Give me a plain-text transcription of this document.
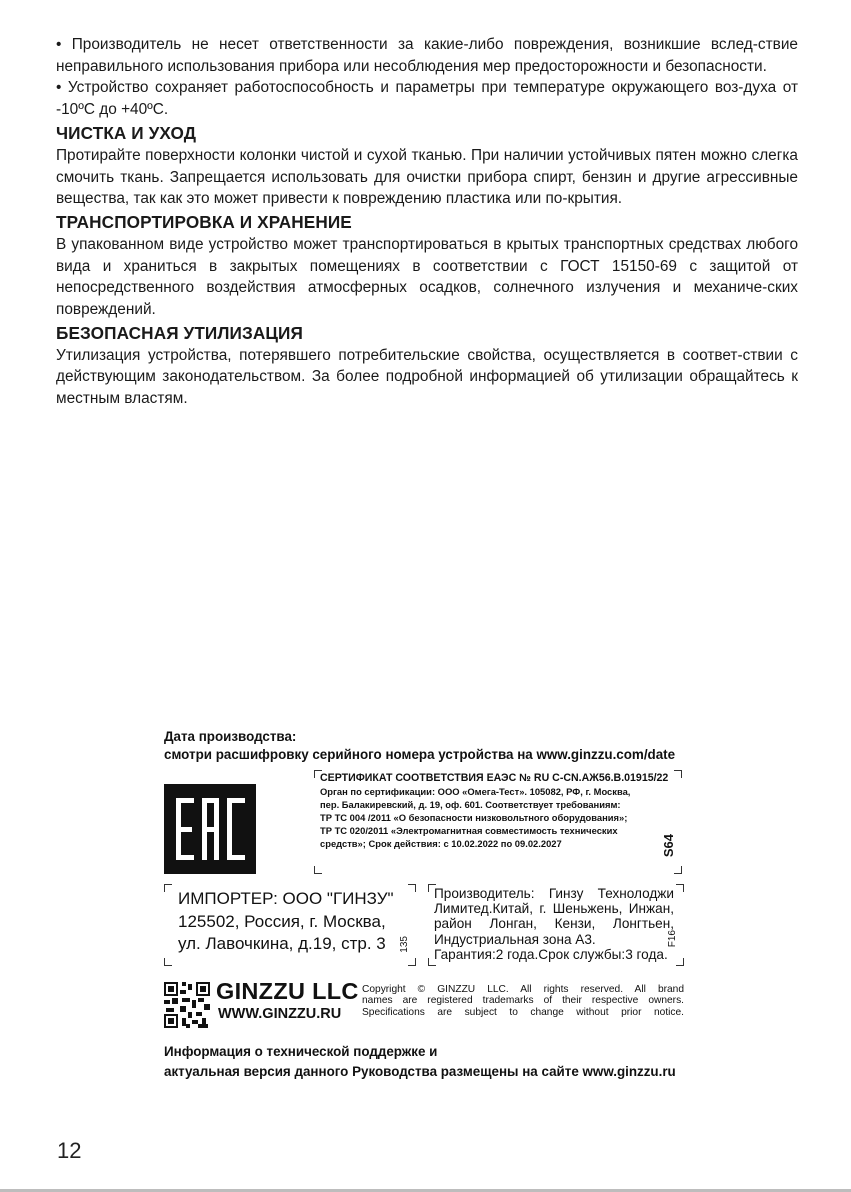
• Производитель не несет ответственности за какие-либо повреждения, возникшие вслед-ствие неправильного использования прибора или несоблюдения мер предосторожности и безопасности.

• Устройство сохраняет работоспособность и параметры при температуре окружающего воз-духа от -10ºС до +40ºС.

ЧИСТКА И УХОД

Протирайте поверхности колонки чистой и сухой тканью. При наличии устойчивых пятен можно слегка смочить ткань. Запрещается использовать для очистки прибора спирт, бензин и другие агрессивные вещества, так как это может привести к повреждению пластика или по-крытия.

ТРАНСПОРТИРОВКА И ХРАНЕНИЕ

В упакованном виде устройство может транспортироваться в крытых транспортных средствах любого вида и храниться в закрытых помещениях в соответствии с ГОСТ 15150-69 с защитой от непосредственного воздействия атмосферных осадков, солнечного излучения и механиче-ских повреждений.

БЕЗОПАСНАЯ УТИЛИЗАЦИЯ

Утилизация устройства, потерявшего потребительские свойства, осуществляется в соответ-ствии с действующим законодательством. За более подробной информацией об утилизации обращайтесь к местным властям.

Дата производства:
смотри расшифровку серийного номера устройства на www.ginzzu.com/date
СЕРТИФИКАТ СООТВЕТСТВИЯ ЕАЭС № RU C-CN.АЖ56.B.01915/22
Орган по сертификации: ООО «Омега-Тест». 105082, РФ, г. Москва,
пер. Балакиревский, д. 19, оф. 601. Соответствует требованиям:
ТР ТС 004 /2011 «О безопасности низковольтного оборудования»;
ТР ТС 020/2011 «Электромагнитная совместимость технических
средств»; Срок действия: с 10.02.2022 по 09.02.2027	S64
ИМПОРТЕР: ООО "ГИНЗУ"
125502, Россия, г. Москва,
ул. Лавочкина, д.19, стр. 3	135
Производитель: Гинзу Технолоджи
Лимитед.Китай, г. Шеньжень, Инжан,
район Лонган, Кензи, Лонгтьен,
Индустриальная зона А3.
Гарантия:2 года.Срок службы:3 года.
F16
GINZZU LLC
WWW.GINZZU.RU
Copyright © GINZZU LLC. All rights reserved. All brand
names are registered trademarks of their respective owners.
Specifications are subject to change without prior notice.
Информация о технической поддержке и
актуальная версия данного Руководства размещены на сайте www.ginzzu.ru
12
